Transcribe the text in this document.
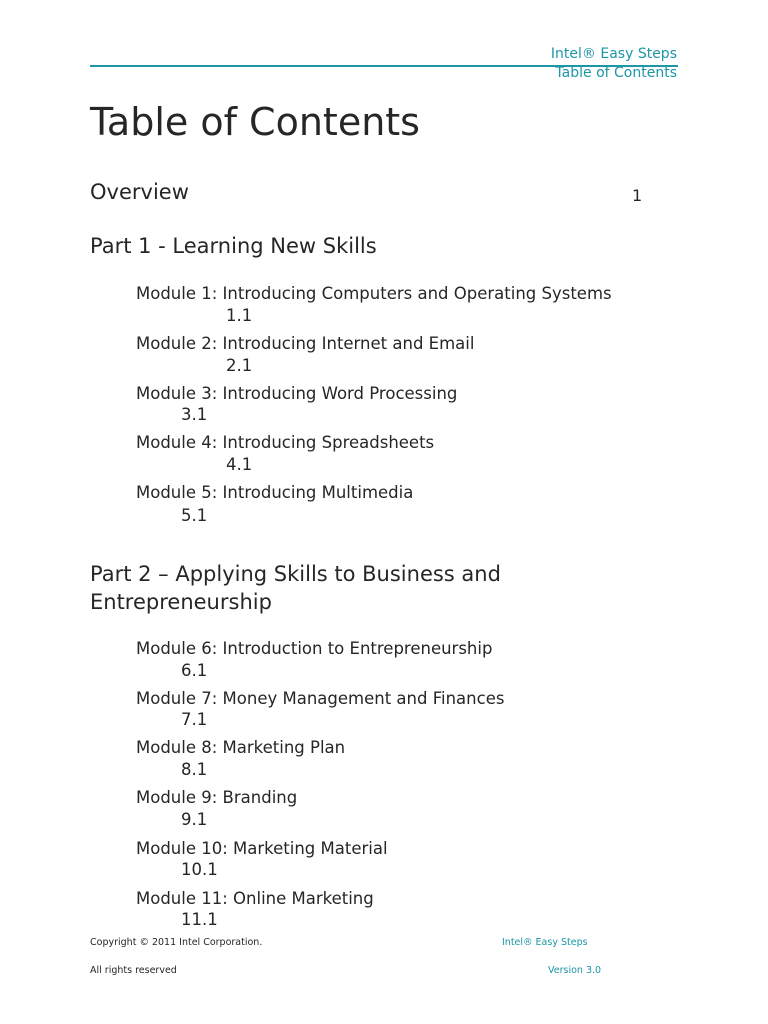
Intel® Easy Steps
Table of Contents
Table of Contents
Overview	1
Part 1 - Learning New Skills
Module 1: Introducing Computers and Operating Systems
1.1
Module 2: Introducing Internet and Email
2.1
Module 3: Introducing Word Processing
3.1
Module 4: Introducing Spreadsheets
4.1
Module 5: Introducing Multimedia
5.1
Part 2 – Applying Skills to Business and
Entrepreneurship
Module 6: Introduction to Entrepreneurship
6.1
Module 7: Money Management and Finances
7.1
Module 8: Marketing Plan
8.1
Module 9: Branding
9.1
Module 10: Marketing Material
10.1
Module 11: Online Marketing
11.1
Copyright © 2011 Intel Corporation.
All rights reserved
Intel® Easy Steps
Version 3.0
